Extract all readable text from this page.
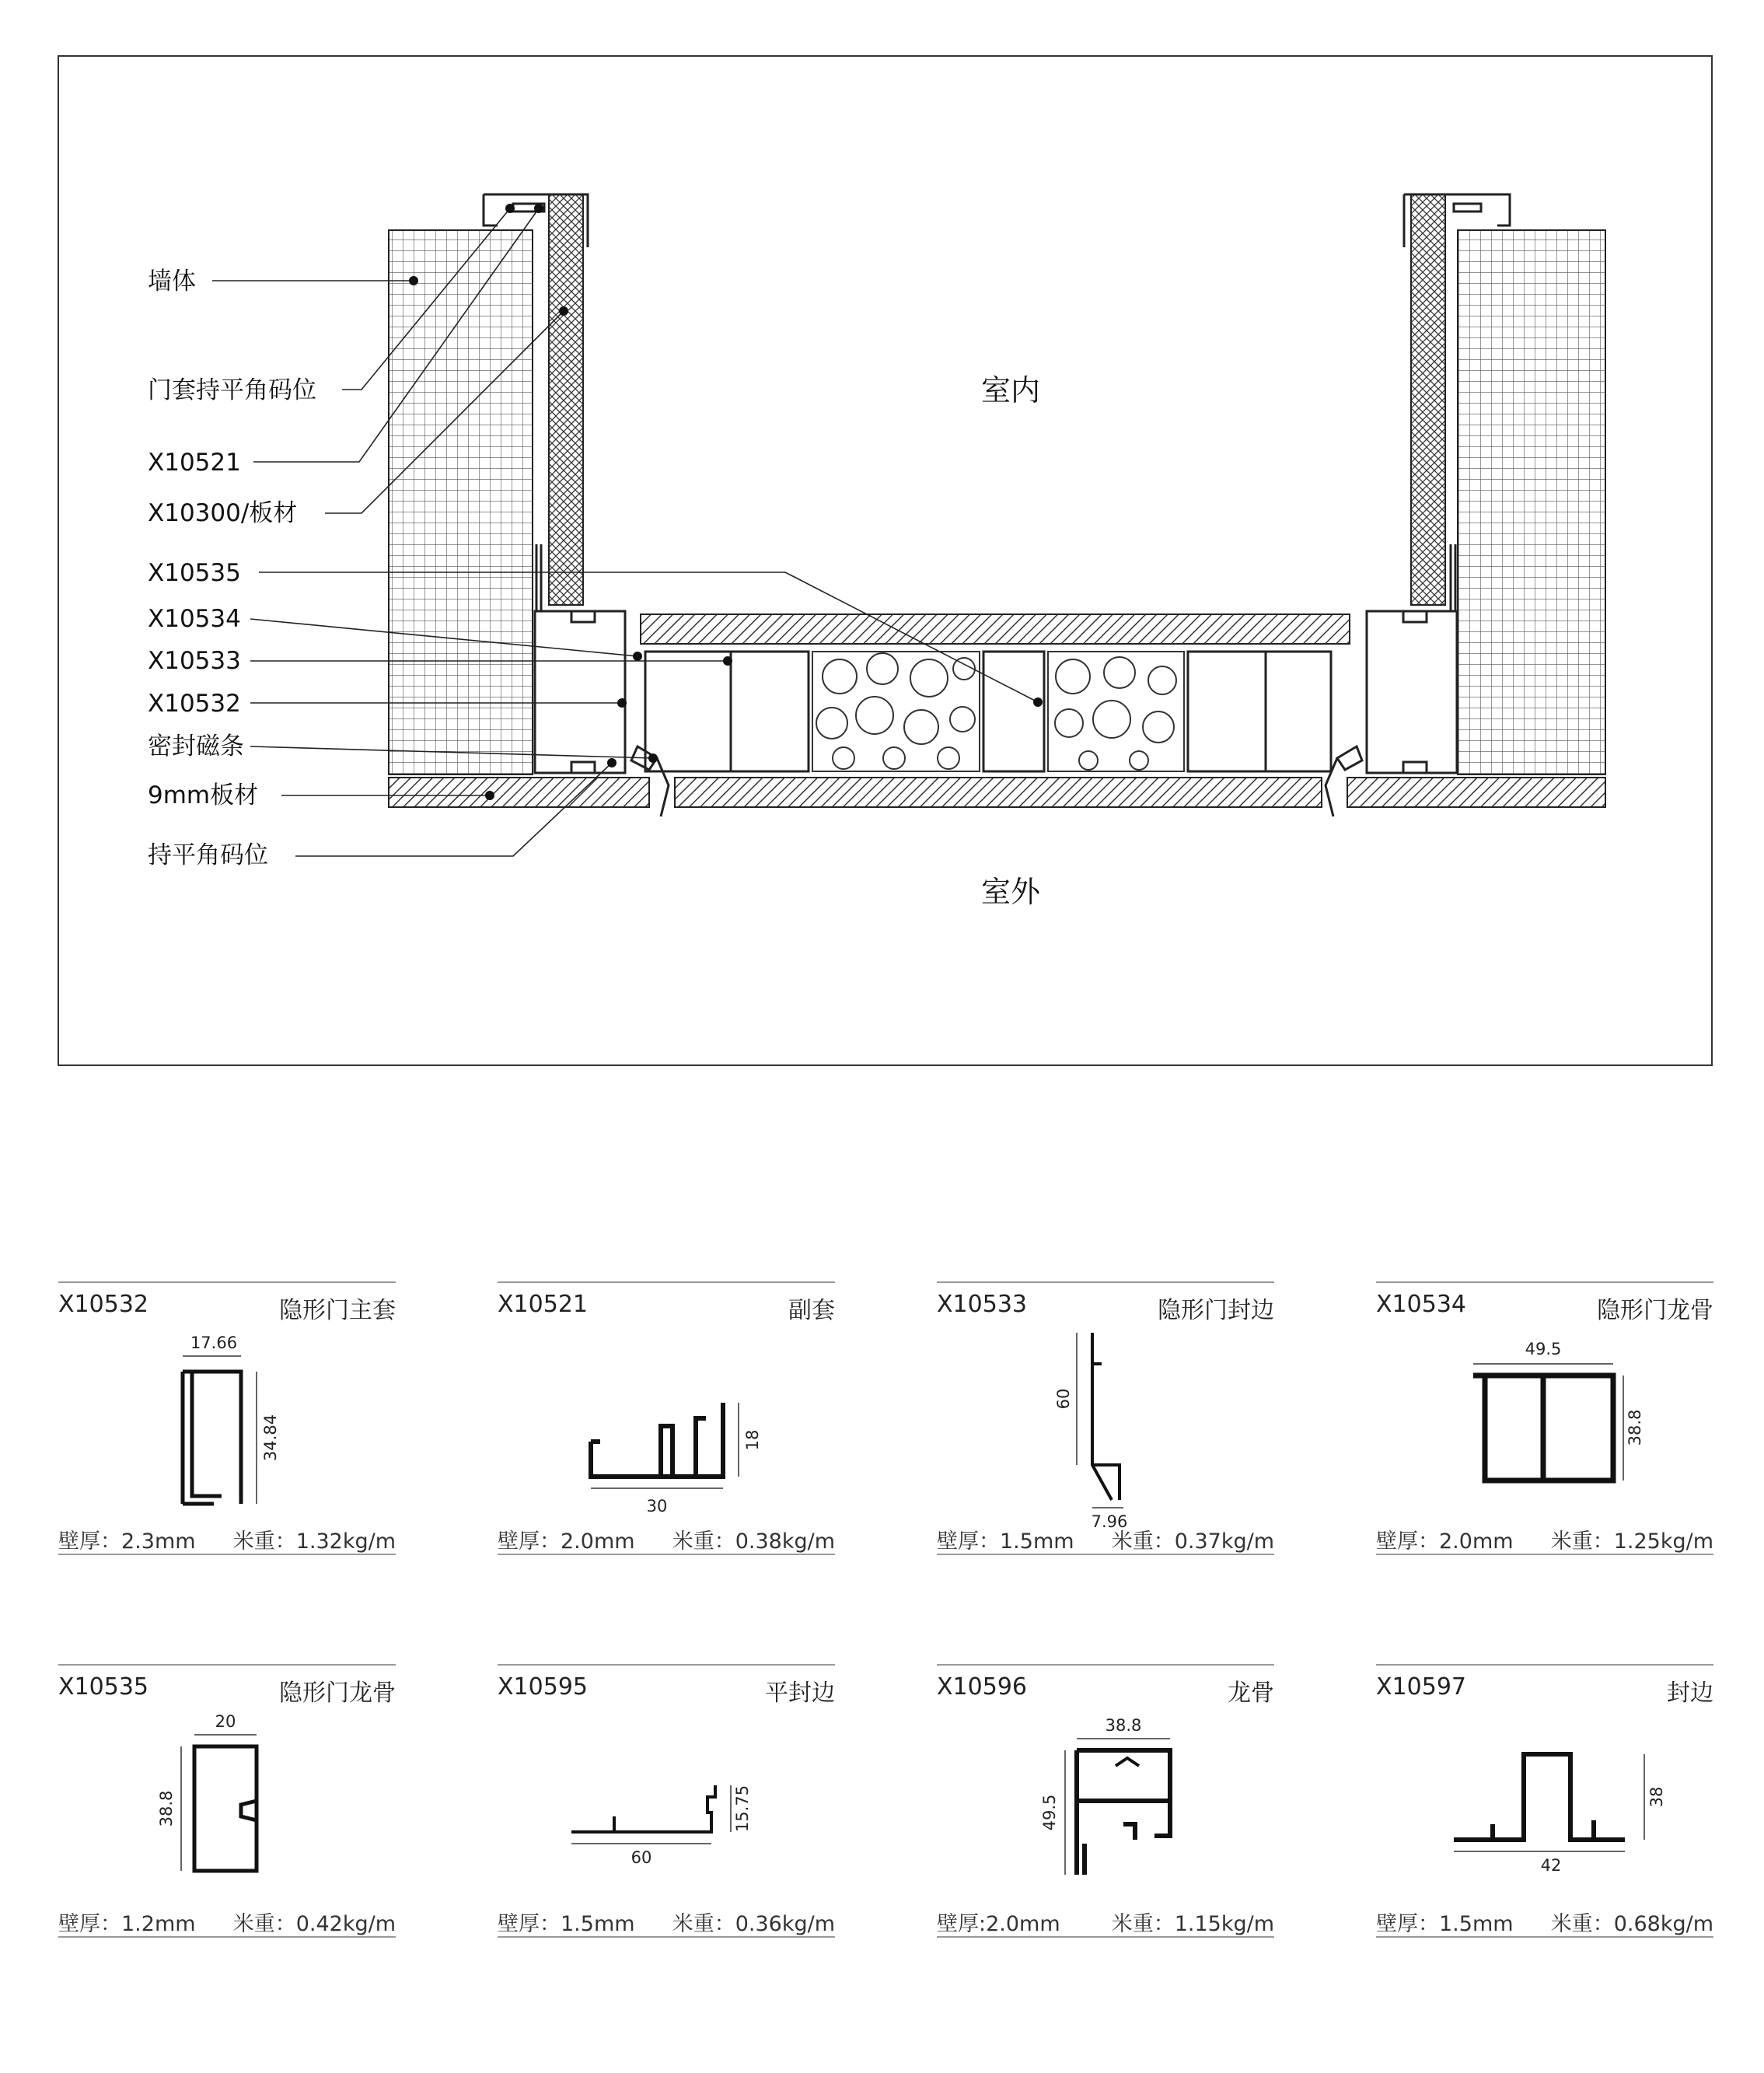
室内
室外
墙体
门套持平角码位
X10521
X10300/板材
X10535
X10534
X10533
X10532
密封磁条
9mm板材
持平角码位
X10532	隐形门主套
17.66
34.84
壁厚：2.3mm 米重：1.32kg/m
X10521	副套
30
18
壁厚：2.0mm 米重：0.38kg/m
X10533	隐形门封边
60
7.96
壁厚：1.5mm 米重：0.37kg/m
X10534	隐形门龙骨
49.5
38.8
壁厚：2.0mm 米重：1.25kg/m
X10535	隐形门龙骨
20
38.8
壁厚：1.2mm 米重：0.42kg/m
X10595	平封边
60
15.75
壁厚：1.5mm 米重：0.36kg/m
X10596	龙骨
38.8
49.5
壁厚:2.0mm 米重：1.15kg/m
X10597	封边
42
38
壁厚：1.5mm 米重：0.68kg/m
